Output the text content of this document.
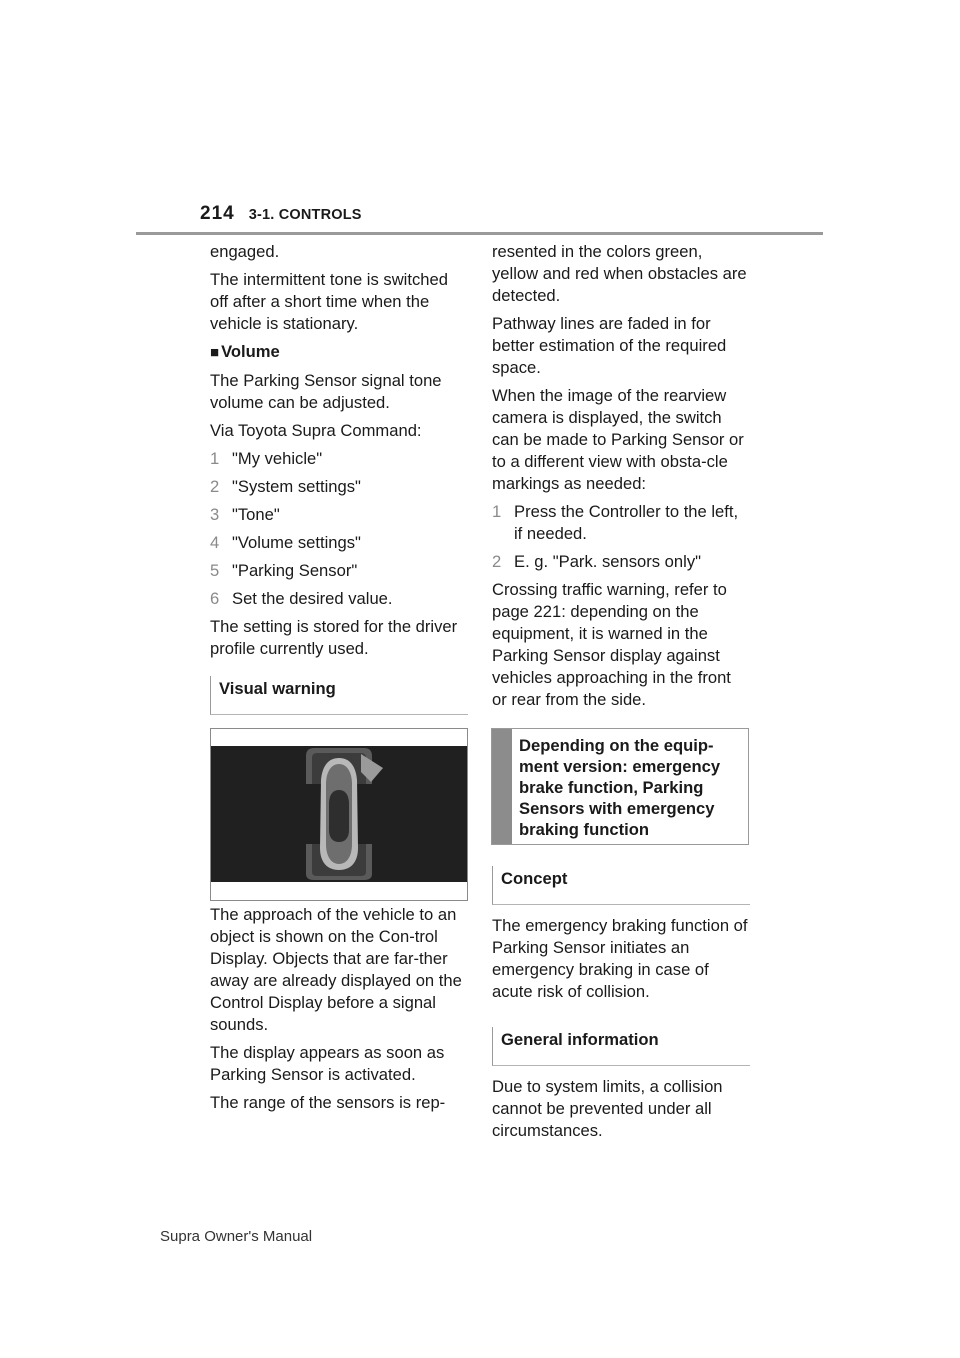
214 3-1. CONTROLS

engaged.

The intermittent tone is switched off after a short time when the vehicle is stationary.

■ Volume

The Parking Sensor signal tone volume can be adjusted.

Via Toyota Supra Command:

1 "My vehicle"
2 "System settings"
3 "Tone"
4 "Volume settings"
5 "Parking Sensor"
6 Set the desired value.

The setting is stored for the driver profile currently used.

Visual warning

The approach of the vehicle to an object is shown on the Con-trol Display. Objects that are far-ther away are already displayed on the Control Display before a signal sounds.

The display appears as soon as Parking Sensor is activated.

The range of the sensors is rep-

resented in the colors green, yellow and red when obstacles are detected.

Pathway lines are faded in for better estimation of the required space.

When the image of the rearview camera is displayed, the switch can be made to Parking Sensor or to a different view with obsta-cle markings as needed:

1 Press the Controller to the left, if needed.
2 E. g. "Park. sensors only"

Crossing traffic warning, refer to page 221: depending on the equipment, it is warned in the Parking Sensor display against vehicles approaching in the front or rear from the side.

Depending on the equip-ment version: emergency brake function, Parking Sensors with emergency braking function

Concept

The emergency braking function of Parking Sensor initiates an emergency braking in case of acute risk of collision.

General information

Due to system limits, a collision cannot be prevented under all circumstances.

Supra Owner's Manual
